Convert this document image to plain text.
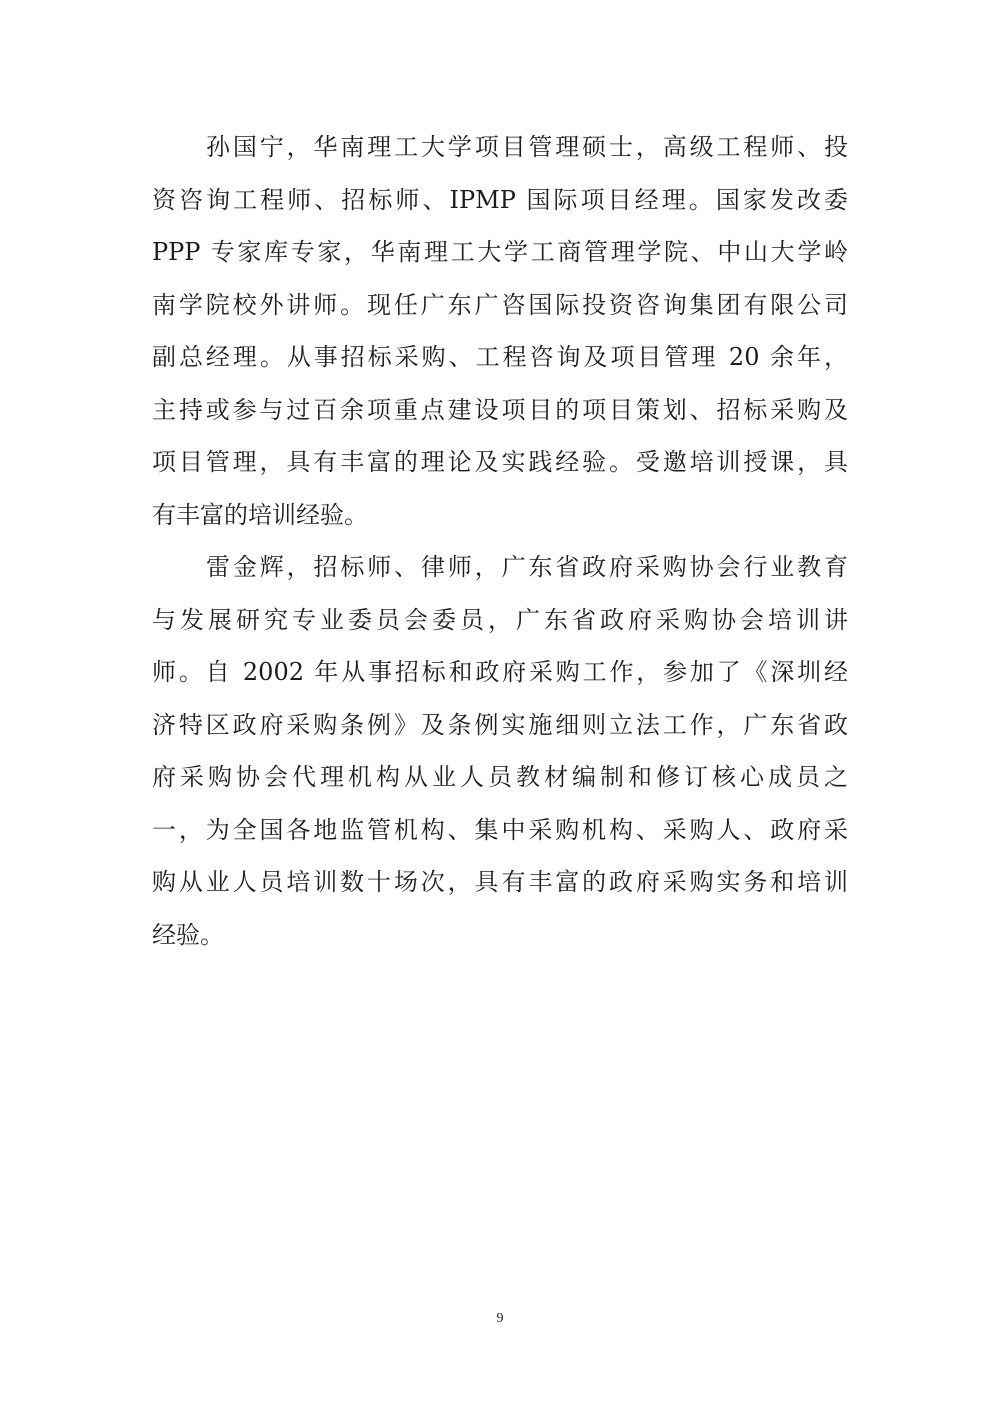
孙国宁，华南理工大学项目管理硕士，高级工程师、投
资咨询工程师、招标师、IPMP 国际项目经理。国家发改委
PPP 专家库专家，华南理工大学工商管理学院、中山大学岭
南学院校外讲师。现任广东广咨国际投资咨询集团有限公司
副总经理。从事招标采购、工程咨询及项目管理 20 余年，
主持或参与过百余项重点建设项目的项目策划、招标采购及
项目管理，具有丰富的理论及实践经验。受邀培训授课，具
有丰富的培训经验。
雷金辉，招标师、律师，广东省政府采购协会行业教育
与发展研究专业委员会委员，广东省政府采购协会培训讲
师。自 2002 年从事招标和政府采购工作，参加了《深圳经
济特区政府采购条例》及条例实施细则立法工作，广东省政
府采购协会代理机构从业人员教材编制和修订核心成员之
一，为全国各地监管机构、集中采购机构、采购人、政府采
购从业人员培训数十场次，具有丰富的政府采购实务和培训
经验。
9
